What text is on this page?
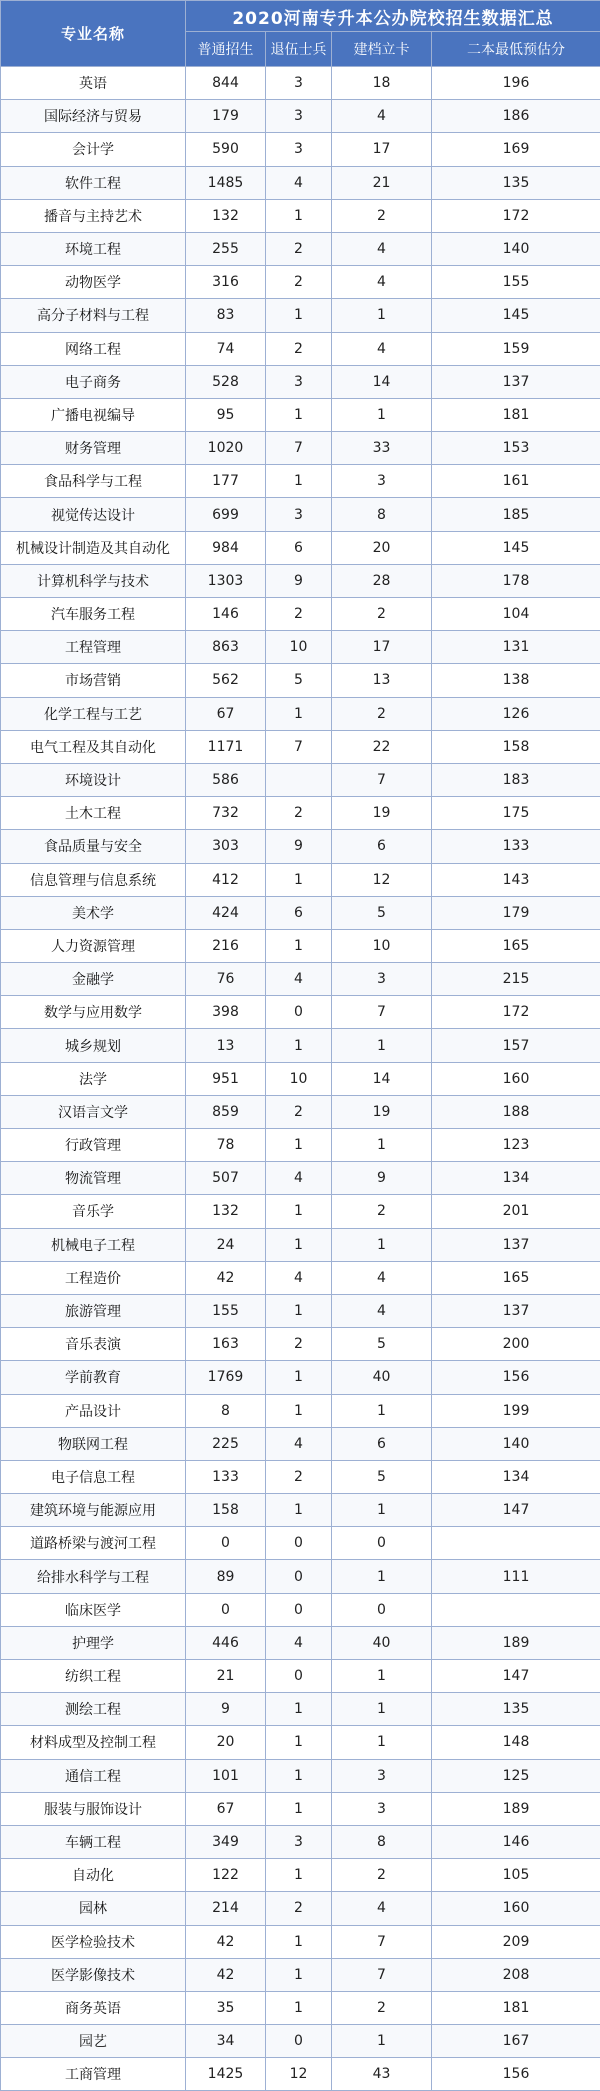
专业名称	2020河南专升本公办院校招生数据汇总			
	普通招生	退伍士兵	建档立卡	二本最低预估分
英语	844	3	18	196
国际经济与贸易	179	3	4	186
会计学	590	3	17	169
软件工程	1485	4	21	135
播音与主持艺术	132	1	2	172
环境工程	255	2	4	140
动物医学	316	2	4	155
高分子材料与工程	83	1	1	145
网络工程	74	2	4	159
电子商务	528	3	14	137
广播电视编导	95	1	1	181
财务管理	1020	7	33	153
食品科学与工程	177	1	3	161
视觉传达设计	699	3	8	185
机械设计制造及其自动化	984	6	20	145
计算机科学与技术	1303	9	28	178
汽车服务工程	146	2	2	104
工程管理	863	10	17	131
市场营销	562	5	13	138
化学工程与工艺	67	1	2	126
电气工程及其自动化	1171	7	22	158
环境设计	586		7	183
土木工程	732	2	19	175
食品质量与安全	303	9	6	133
信息管理与信息系统	412	1	12	143
美术学	424	6	5	179
人力资源管理	216	1	10	165
金融学	76	4	3	215
数学与应用数学	398	0	7	172
城乡规划	13	1	1	157
法学	951	10	14	160
汉语言文学	859	2	19	188
行政管理	78	1	1	123
物流管理	507	4	9	134
音乐学	132	1	2	201
机械电子工程	24	1	1	137
工程造价	42	4	4	165
旅游管理	155	1	4	137
音乐表演	163	2	5	200
学前教育	1769	1	40	156
产品设计	8	1	1	199
物联网工程	225	4	6	140
电子信息工程	133	2	5	134
建筑环境与能源应用	158	1	1	147
道路桥梁与渡河工程	0	0	0	
给排水科学与工程	89	0	1	111
临床医学	0	0	0	
护理学	446	4	40	189
纺织工程	21	0	1	147
测绘工程	9	1	1	135
材料成型及控制工程	20	1	1	148
通信工程	101	1	3	125
服装与服饰设计	67	1	3	189
车辆工程	349	3	8	146
自动化	122	1	2	105
园林	214	2	4	160
医学检验技术	42	1	7	209
医学影像技术	42	1	7	208
商务英语	35	1	2	181
园艺	34	0	1	167
工商管理	1425	12	43	156
